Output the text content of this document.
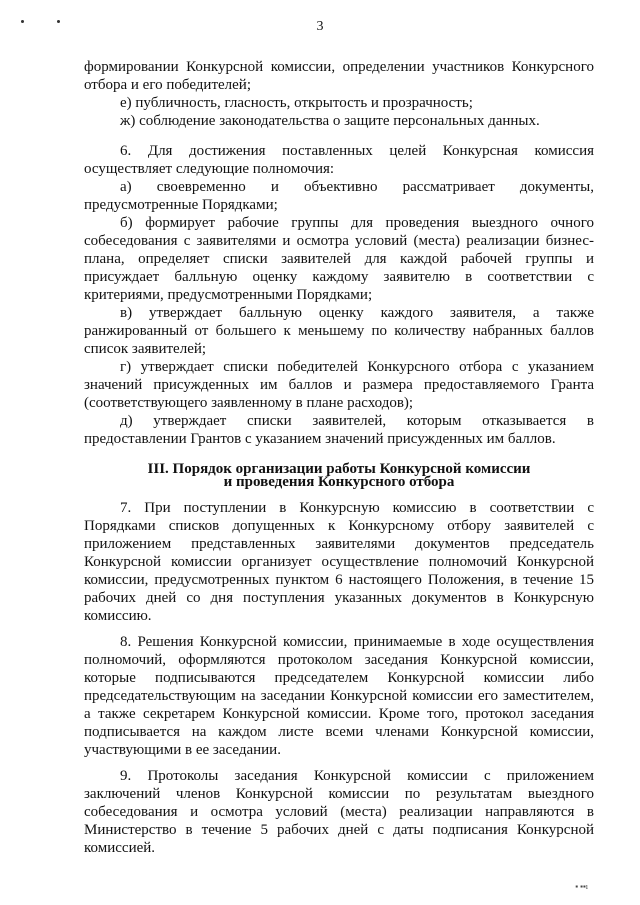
3

формировании Конкурсной комиссии, определении участников Конкурсного отбора и его победителей;

е) публичность, гласность, открытость и прозрачность;

ж) соблюдение законодательства о защите персональных данных.

6. Для достижения поставленных целей Конкурсная комиссия осуществляет следующие полномочия:

а) своевременно и объективно рассматривает документы, предусмотренные Порядками;

б) формирует рабочие группы для проведения выездного очного собеседования с заявителями и осмотра условий (места) реализации бизнес-плана, определяет списки заявителей для каждой рабочей группы и присуждает балльную оценку каждому заявителю в соответствии с критериями, предусмотренными Порядками;

в) утверждает балльную оценку каждого заявителя, а также ранжированный от большего к меньшему по количеству набранных баллов список заявителей;

г) утверждает списки победителей Конкурсного отбора с указанием значений присужденных им баллов и размера предоставляемого Гранта (соответствующего заявленному в плане расходов);

д) утверждает списки заявителей, которым отказывается в предоставлении Грантов с указанием значений присужденных им баллов.

III. Порядок организации работы Конкурсной комиссии
и проведения Конкурсного отбора

7. При поступлении в Конкурсную комиссию в соответствии с Порядками списков допущенных к Конкурсному отбору заявителей с приложением представленных заявителями документов председатель Конкурсной комиссии организует осуществление полномочий Конкурсной комиссии, предусмотренных пунктом 6 настоящего Положения, в течение 15 рабочих дней со дня поступления указанных документов в Конкурсную комиссию.

8. Решения Конкурсной комиссии, принимаемые в ходе осуществления полномочий, оформляются протоколом заседания Конкурсной комиссии, которые подписываются председателем Конкурсной комиссии либо председательствующим на заседании Конкурсной комиссии его заместителем, а также секретарем Конкурсной комиссии. Кроме того, протокол заседания подписывается на каждом листе всеми членами Конкурсной комиссии, участвующими в ее заседании.

9. Протоколы заседания Конкурсной комиссии с приложением заключений членов Конкурсной комиссии по результатам выездного собеседования и осмотра условий (места) реализации направляются в Министерство в течение 5 рабочих дней с даты подписания Конкурсной комиссией.

▪ ▪▪ı
